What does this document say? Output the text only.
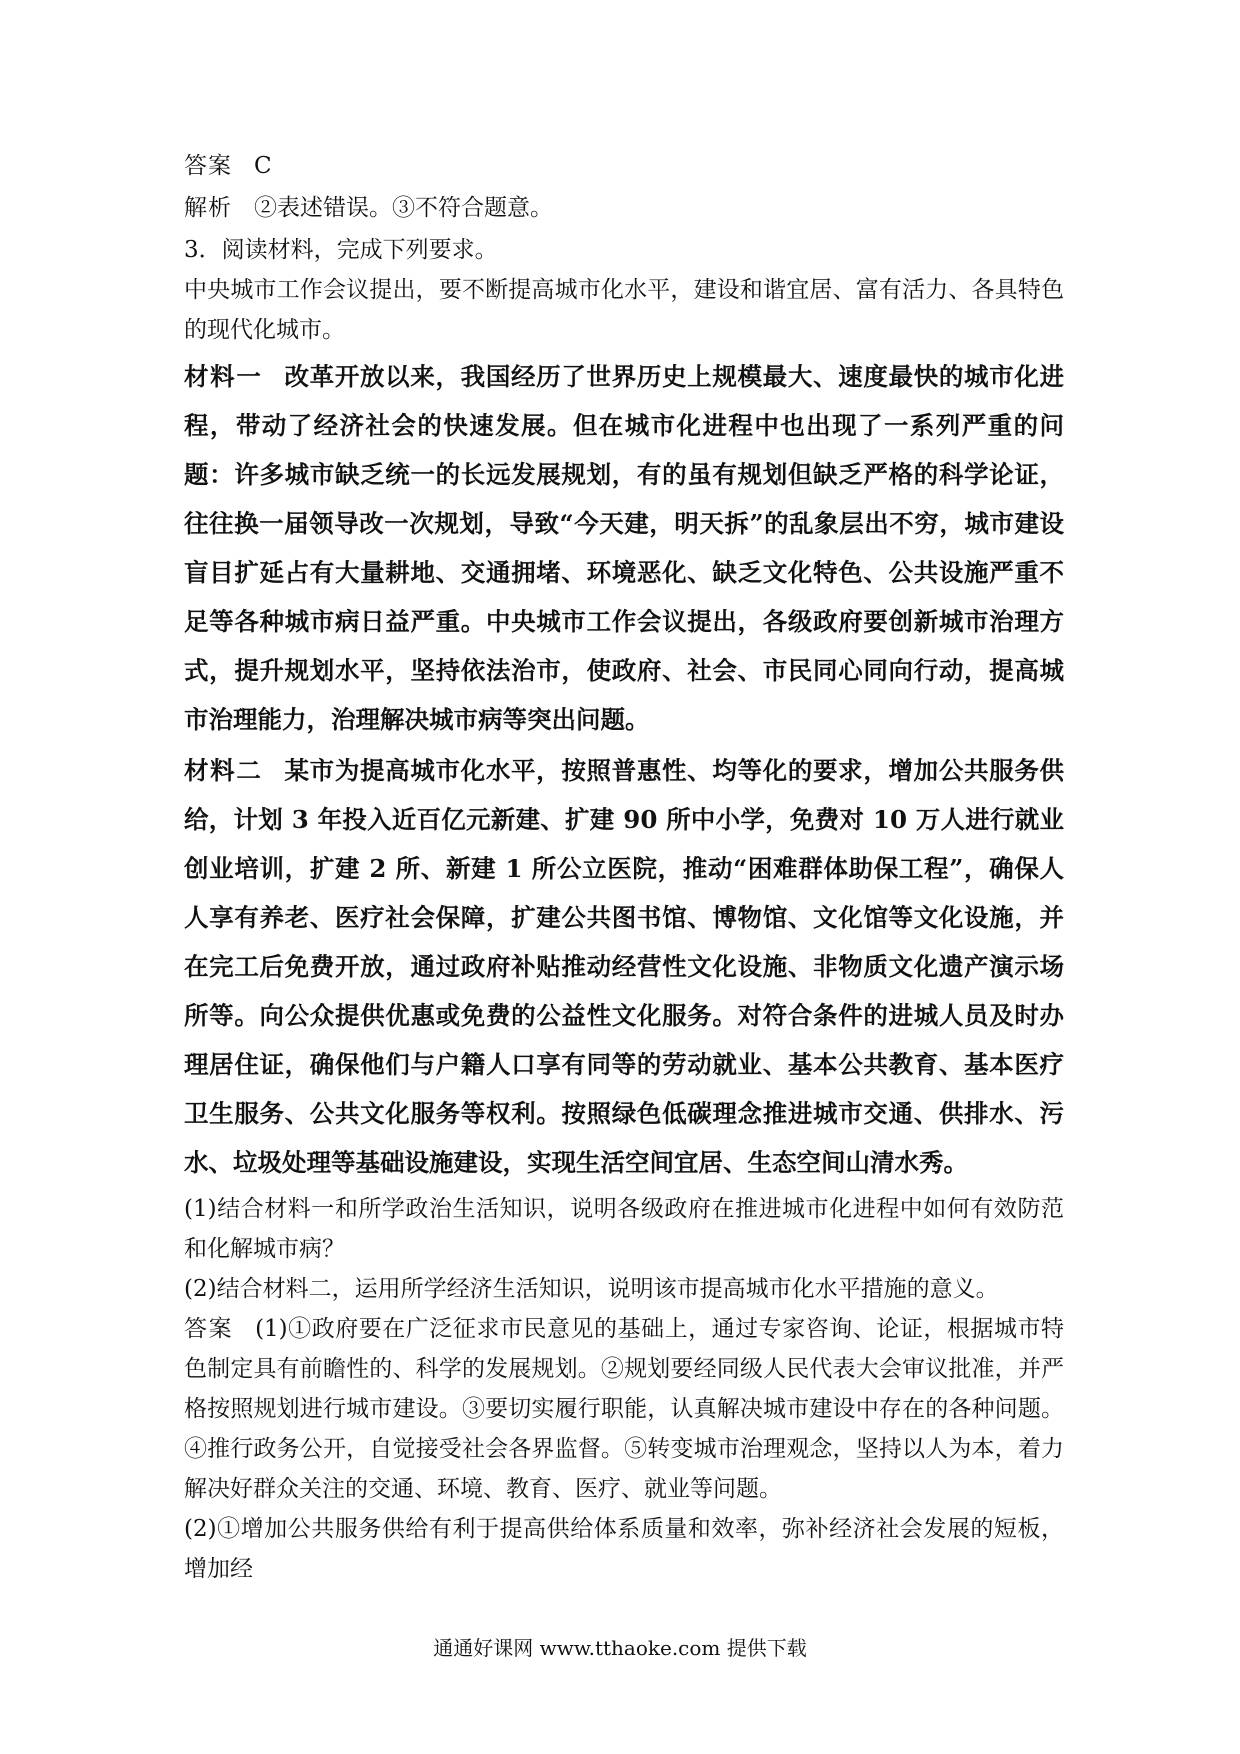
答案 C

解析 ②表述错误。③不符合题意。

3．阅读材料，完成下列要求。

中央城市工作会议提出，要不断提高城市化水平，建设和谐宜居、富有活力、各具特色的现代化城市。

材料一 改革开放以来，我国经历了世界历史上规模最大、速度最快的城市化进程，带动了经济社会的快速发展。但在城市化进程中也出现了一系列严重的问题：许多城市缺乏统一的长远发展规划，有的虽有规划但缺乏严格的科学论证，往往换一届领导改一次规划，导致“今天建，明天拆”的乱象层出不穷，城市建设盲目扩延占有大量耕地、交通拥堵、环境恶化、缺乏文化特色、公共设施严重不足等各种城市病日益严重。中央城市工作会议提出，各级政府要创新城市治理方式，提升规划水平，坚持依法治市，使政府、社会、市民同心同向行动，提高城市治理能力，治理解决城市病等突出问题。

材料二 某市为提高城市化水平，按照普惠性、均等化的要求，增加公共服务供给，计划 3 年投入近百亿元新建、扩建 90 所中小学，免费对 10 万人进行就业创业培训，扩建 2 所、新建 1 所公立医院，推动“困难群体助保工程”，确保人人享有养老、医疗社会保障，扩建公共图书馆、博物馆、文化馆等文化设施，并在完工后免费开放，通过政府补贴推动经营性文化设施、非物质文化遗产演示场所等。向公众提供优惠或免费的公益性文化服务。对符合条件的进城人员及时办理居住证，确保他们与户籍人口享有同等的劳动就业、基本公共教育、基本医疗卫生服务、公共文化服务等权利。按照绿色低碳理念推进城市交通、供排水、污水、垃圾处理等基础设施建设，实现生活空间宜居、生态空间山清水秀。

(1)结合材料一和所学政治生活知识，说明各级政府在推进城市化进程中如何有效防范和化解城市病？

(2)结合材料二，运用所学经济生活知识，说明该市提高城市化水平措施的意义。

答案 (1)①政府要在广泛征求市民意见的基础上，通过专家咨询、论证，根据城市特色制定具有前瞻性的、科学的发展规划。②规划要经同级人民代表大会审议批准，并严格按照规划进行城市建设。③要切实履行职能，认真解决城市建设中存在的各种问题。④推行政务公开，自觉接受社会各界监督。⑤转变城市治理观念，坚持以人为本，着力解决好群众关注的交通、环境、教育、医疗、就业等问题。

(2)①增加公共服务供给有利于提高供给体系质量和效率，弥补经济社会发展的短板，增加经

通通好课网 www.tthaoke.com 提供下载
